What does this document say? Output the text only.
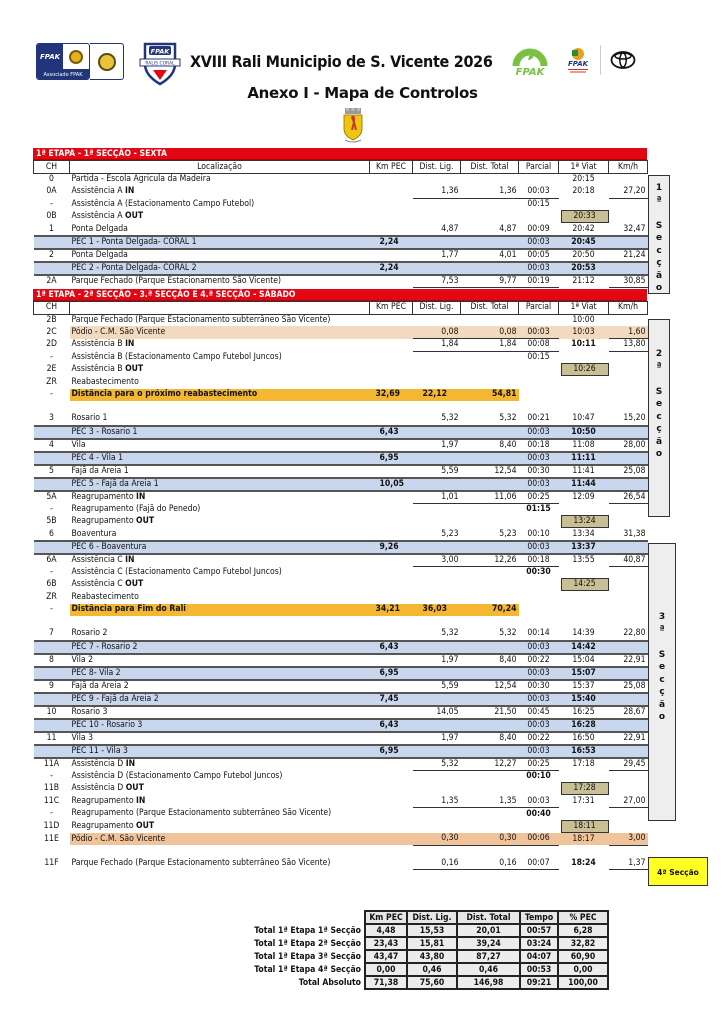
FPAK
Associado FPAK
FPAK
RALIS CORAL XVIII Rali Municipio de S. Vicente 2026
FPAK
FPAK
Anexo I - Mapa de Controlos
1ª ETAPA - 1ª SECÇÃO - SEXTA
CH	Localização	Km PEC	Dist. Lig.	Dist. Total	Parcial	1ª Viat	Km/h
0	Partida - Escola Agricula da Madeira					20:15	
0A	Assistência A IN		1,36	1,36	00:03	20:18	27,20
-	Assistência A (Estacionamento Campo Futebol)				00:15		
0B	Assistência A OUT					20:33	
1	Ponta Delgada		4,87	4,87	00:09	20:42	32,47
	PEC 1 - Ponta Delgada- CORAL 1	2,24			00:03	20:45	
2	Ponta Delgada		1,77	4,01	00:05	20:50	21,24
	PEC 2 - Ponta Delgada- CORAL 2	2,24			00:03	20:53	
2A	Parque Fechado (Parque Estacionamento São Vicente)		7,53	9,77	00:19	21:12	30,85
1ª ETAPA - 2ª SECÇÃO - 3.ª SECÇÃO E 4.ª SECÇÃO - SÁBADO
CH		Km PEC	Dist. Lig.	Dist. Total	Parcial	1ª Viat	Km/h
2B	Parque Fechado (Parque Estacionamento subterrâneo São Vicente)					10:00	
2C	Pódio - C.M. São Vicente		0,08	0,08	00:03	10:03	1,60
2D	Assistência B IN		1,84	1,84	00:08	10:11	13,80
-	Assistência B (Estacionamento Campo Futebol Juncos)				00:15		
2E	Assistência B OUT					10:26	
ZR	Reabastecimento						
-	Distância para o próximo reabastecimento	32,69	22,12	54,81			

3	Rosario 1		5,32	5,32	00:21	10:47	15,20
	PEC 3 - Rosario 1	6,43			00:03	10:50	
4	Vila		1,97	8,40	00:18	11:08	28,00
	PEC 4 - Vila 1	6,95			00:03	11:11	
5	Fajã da Areia 1		5,59	12,54	00:30	11:41	25,08
	PEC 5 - Fajã da Areia 1	10,05			00:03	11:44	
5A	Reagrupamento IN		1,01	11,06	00:25	12:09	26,54
-	Reagrupamento (Fajã do Penedo)				01:15		
5B	Reagrupamento OUT					13:24	
6	Boaventura		5,23	5,23	00:10	13:34	31,38
	PEC 6 - Boaventura	9,26			00:03	13:37	
6A	Assistência C IN		3,00	12,26	00:18	13:55	40,87
-	Assistência C (Estacionamento Campo Futebol Juncos)				00:30		
6B	Assistência C OUT					14:25	
ZR	Reabastecimento						
-	Distância para Fim do Rali	34,21	36,03	70,24			

7	Rosario 2		5,32	5,32	00:14	14:39	22,80
	PEC 7 - Rosario 2	6,43			00:03	14:42	
8	Vila 2		1,97	8,40	00:22	15:04	22,91
	PEC 8- Vila 2	6,95			00:03	15:07	
9	Fajã da Areia 2		5,59	12,54	00:30	15:37	25,08
	PEC 9 - Fajã da Areia 2	7,45			00:03	15:40	
10	Rosario 3		14,05	21,50	00:45	16:25	28,67
	PEC 10 - Rosario 3	6,43			00:03	16:28	
11	Vila 3		1,97	8,40	00:22	16:50	22,91
	PEC 11 - Vila 3	6,95			00:03	16:53	
11A	Assistência D IN		5,32	12,27	00:25	17:18	29,45
-	Assistência D (Estacionamento Campo Futebol Juncos)				00:10		
11B	Assistência D OUT					17:28	
11C	Reagrupamento IN		1,35	1,35	00:03	17:31	27,00
-	Reagrupamento (Parque Estacionamento subterrâneo São Vicente)				00:40		
11D	Reagrupamento OUT					18:11	
11E	Pódio - C.M. São Vicente		0,30	0,30	00:06	18:17	3,00

11F	Parque Fechado (Parque Estacionamento subterrâneo São Vicente)		0,16	0,16	00:07	18:24	1,37
1
ª
S
e
c
ç
ã
o
2
ª
S
e
c
ç
ã
o
3
ª
S
e
c
ç
ã
o
4ª Secção
	Km PEC	Dist. Lig.	Dist. Total	Tempo	% PEC
Total 1ª Etapa 1ª Secção	4,48	15,53	20,01	00:57	6,28
Total 1ª Etapa 2ª Secção	23,43	15,81	39,24	03:24	32,82
Total 1ª Etapa 3ª Secção	43,47	43,80	87,27	04:07	60,90
Total 1ª Etapa 4ª Secção	0,00	0,46	0,46	00:53	0,00
Total Absoluto	71,38	75,60	146,98	09:21	100,00
